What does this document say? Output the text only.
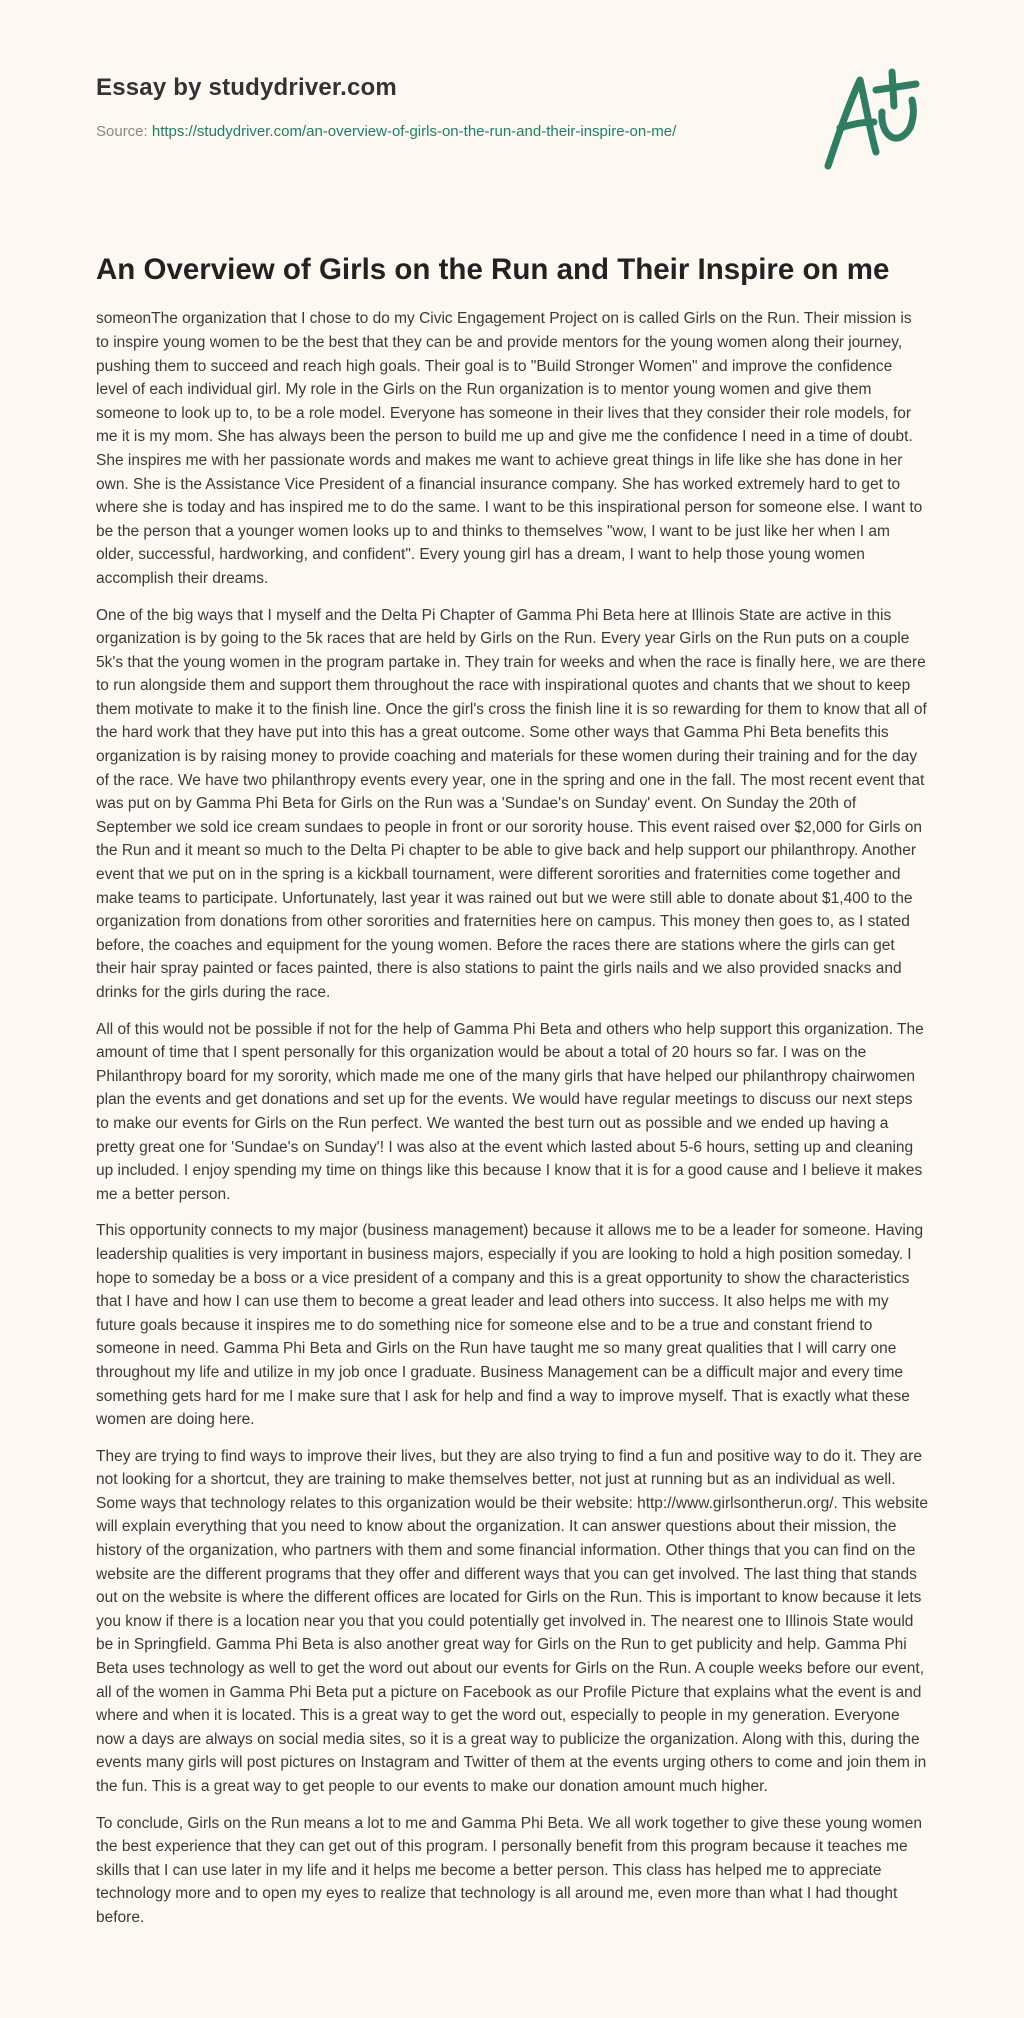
Essay by studydriver.com
Source: https://studydriver.com/an-overview-of-girls-on-the-run-and-their-inspire-on-me/
An Overview of Girls on the Run and Their Inspire on me

someonThe organization that I chose to do my Civic Engagement Project on is called Girls on the Run. Their mission is to inspire young women to be the best that they can be and provide mentors for the young women along their journey, pushing them to succeed and reach high goals. Their goal is to "Build Stronger Women" and improve the confidence level of each individual girl. My role in the Girls on the Run organization is to mentor young women and give them someone to look up to, to be a role model. Everyone has someone in their lives that they consider their role models, for me it is my mom. She has always been the person to build me up and give me the confidence I need in a time of doubt. She inspires me with her passionate words and makes me want to achieve great things in life like she has done in her own. She is the Assistance Vice President of a financial insurance company. She has worked extremely hard to get to where she is today and has inspired me to do the same. I want to be this inspirational person for someone else. I want to be the person that a younger women looks up to and thinks to themselves "wow, I want to be just like her when I am older, successful, hardworking, and confident". Every young girl has a dream, I want to help those young women accomplish their dreams.

One of the big ways that I myself and the Delta Pi Chapter of Gamma Phi Beta here at Illinois State are active in this organization is by going to the 5k races that are held by Girls on the Run. Every year Girls on the Run puts on a couple 5k's that the young women in the program partake in. They train for weeks and when the race is finally here, we are there to run alongside them and support them throughout the race with inspirational quotes and chants that we shout to keep them motivate to make it to the finish line. Once the girl's cross the finish line it is so rewarding for them to know that all of the hard work that they have put into this has a great outcome. Some other ways that Gamma Phi Beta benefits this organization is by raising money to provide coaching and materials for these women during their training and for the day of the race. We have two philanthropy events every year, one in the spring and one in the fall. The most recent event that was put on by Gamma Phi Beta for Girls on the Run was a 'Sundae's on Sunday' event. On Sunday the 20th of September we sold ice cream sundaes to people in front or our sorority house. This event raised over $2,000 for Girls on the Run and it meant so much to the Delta Pi chapter to be able to give back and help support our philanthropy. Another event that we put on in the spring is a kickball tournament, were different sororities and fraternities come together and make teams to participate. Unfortunately, last year it was rained out but we were still able to donate about $1,400 to the organization from donations from other sororities and fraternities here on campus. This money then goes to, as I stated before, the coaches and equipment for the young women. Before the races there are stations where the girls can get their hair spray painted or faces painted, there is also stations to paint the girls nails and we also provided snacks and drinks for the girls during the race.

All of this would not be possible if not for the help of Gamma Phi Beta and others who help support this organization. The amount of time that I spent personally for this organization would be about a total of 20 hours so far. I was on the Philanthropy board for my sorority, which made me one of the many girls that have helped our philanthropy chairwomen plan the events and get donations and set up for the events. We would have regular meetings to discuss our next steps to make our events for Girls on the Run perfect. We wanted the best turn out as possible and we ended up having a pretty great one for 'Sundae's on Sunday'! I was also at the event which lasted about 5-6 hours, setting up and cleaning up included. I enjoy spending my time on things like this because I know that it is for a good cause and I believe it makes me a better person.

This opportunity connects to my major (business management) because it allows me to be a leader for someone. Having leadership qualities is very important in business majors, especially if you are looking to hold a high position someday. I hope to someday be a boss or a vice president of a company and this is a great opportunity to show the characteristics that I have and how I can use them to become a great leader and lead others into success. It also helps me with my future goals because it inspires me to do something nice for someone else and to be a true and constant friend to someone in need. Gamma Phi Beta and Girls on the Run have taught me so many great qualities that I will carry one throughout my life and utilize in my job once I graduate. Business Management can be a difficult major and every time something gets hard for me I make sure that I ask for help and find a way to improve myself. That is exactly what these women are doing here.

They are trying to find ways to improve their lives, but they are also trying to find a fun and positive way to do it. They are not looking for a shortcut, they are training to make themselves better, not just at running but as an individual as well. Some ways that technology relates to this organization would be their website: http://www.girlsontherun.org/. This website will explain everything that you need to know about the organization. It can answer questions about their mission, the history of the organization, who partners with them and some financial information. Other things that you can find on the website are the different programs that they offer and different ways that you can get involved. The last thing that stands out on the website is where the different offices are located for Girls on the Run. This is important to know because it lets you know if there is a location near you that you could potentially get involved in. The nearest one to Illinois State would be in Springfield. Gamma Phi Beta is also another great way for Girls on the Run to get publicity and help. Gamma Phi Beta uses technology as well to get the word out about our events for Girls on the Run. A couple weeks before our event, all of the women in Gamma Phi Beta put a picture on Facebook as our Profile Picture that explains what the event is and where and when it is located. This is a great way to get the word out, especially to people in my generation. Everyone now a days are always on social media sites, so it is a great way to publicize the organization. Along with this, during the events many girls will post pictures on Instagram and Twitter of them at the events urging others to come and join them in the fun. This is a great way to get people to our events to make our donation amount much higher.

To conclude, Girls on the Run means a lot to me and Gamma Phi Beta. We all work together to give these young women the best experience that they can get out of this program. I personally benefit from this program because it teaches me skills that I can use later in my life and it helps me become a better person. This class has helped me to appreciate technology more and to open my eyes to realize that technology is all around me, even more than what I had thought before.
